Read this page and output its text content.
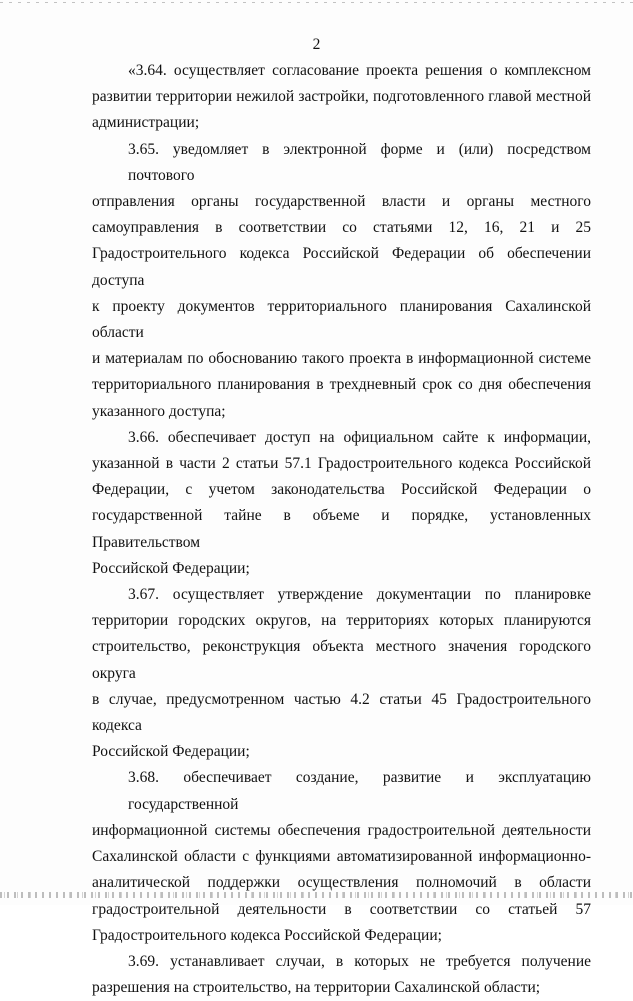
2
«3.64. осуществляет согласование проекта решения о комплексном
развитии территории нежилой застройки, подготовленного главой местной
администрации;
3.65. уведомляет в электронной форме и (или) посредством почтового
отправления органы государственной власти и органы местного
самоуправления в соответствии со статьями 12, 16, 21 и 25
Градостроительного кодекса Российской Федерации об обеспечении доступа
к проекту документов территориального планирования Сахалинской области
и материалам по обоснованию такого проекта в информационной системе
территориального планирования в трехдневный срок со дня обеспечения
указанного доступа;
3.66. обеспечивает доступ на официальном сайте к информации,
указанной в части 2 статьи 57.1 Градостроительного кодекса Российской
Федерации, с учетом законодательства Российской Федерации о
государственной тайне в объеме и порядке, установленных Правительством
Российской Федерации;
3.67. осуществляет утверждение документации по планировке
территории городских округов, на территориях которых планируются
строительство, реконструкция объекта местного значения городского округа
в случае, предусмотренном частью 4.2 статьи 45 Градостроительного кодекса
Российской Федерации;
3.68. обеспечивает создание, развитие и эксплуатацию государственной
информационной системы обеспечения градостроительной деятельности
Сахалинской области с функциями автоматизированной информационно-
аналитической поддержки осуществления полномочий в области
градостроительной деятельности в соответствии со статьей 57
Градостроительного кодекса Российской Федерации;
3.69. устанавливает случаи, в которых не требуется получение
разрешения на строительство, на территории Сахалинской области;
